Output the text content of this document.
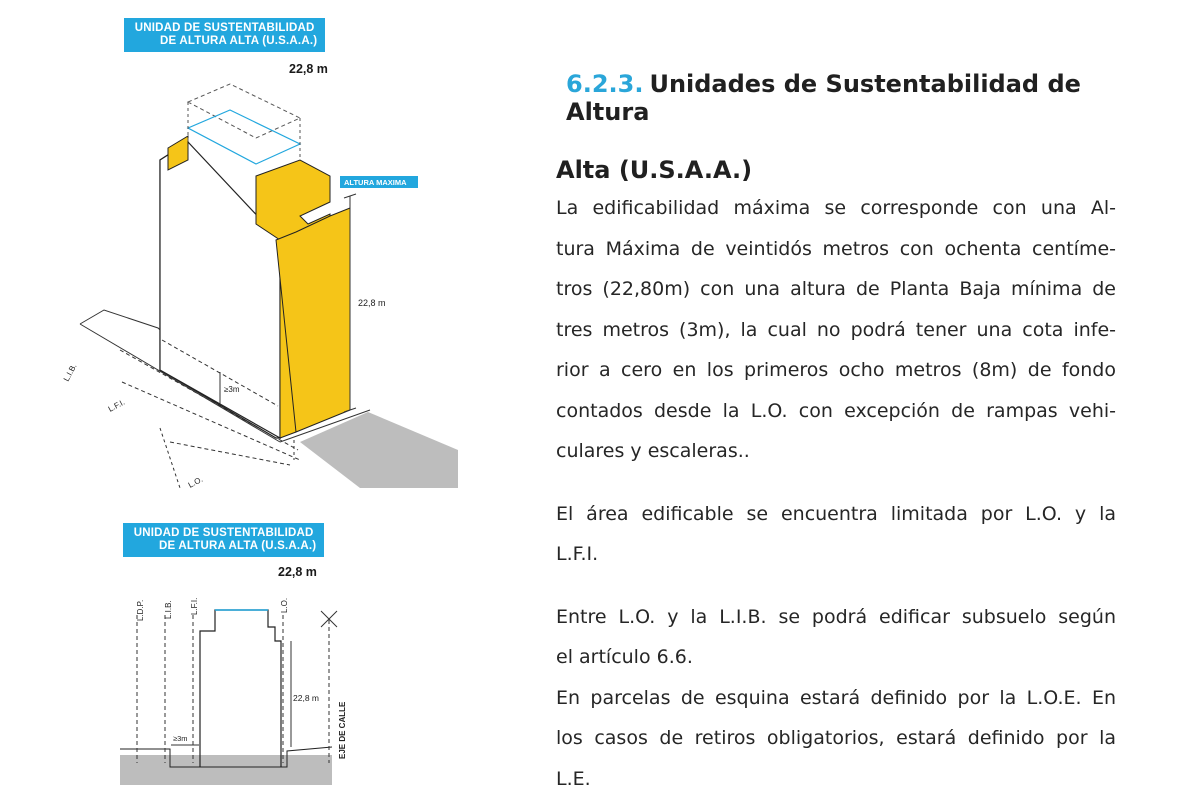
UNIDAD DE SUSTENTABILIDAD
DE ALTURA ALTA (U.S.A.A.)
22,8 m
ALTURA MAXIMA
22,8 m
≥3m
L.I.B.
L.F.I.
L.O.
UNIDAD DE SUSTENTABILIDAD
DE ALTURA ALTA (U.S.A.A.)
22,8 m
L.D.P. L.I.B. L.F.I.	L.O.
22,8 m
≥3m	EJE DE CALLE
6.2.3. Unidades de Sustentabilidad de Altura
Alta (U.S.A.A.)

La edificabilidad máxima se corresponde con una Al-
tura Máxima de veintidós metros con ochenta centíme-
tros (22,80m) con una altura de Planta Baja mínima de
tres metros (3m), la cual no podrá tener una cota infe-
rior a cero en los primeros ocho metros (8m) de fondo
contados desde la L.O. con excepción de rampas vehi-
culares y escaleras..

El área edificable se encuentra limitada por L.O. y la
L.F.I.

Entre L.O. y la L.I.B. se podrá edificar subsuelo según
el artículo 6.6.
En parcelas de esquina estará definido por la L.O.E. En
los casos de retiros obligatorios, estará definido por la
L.E.
